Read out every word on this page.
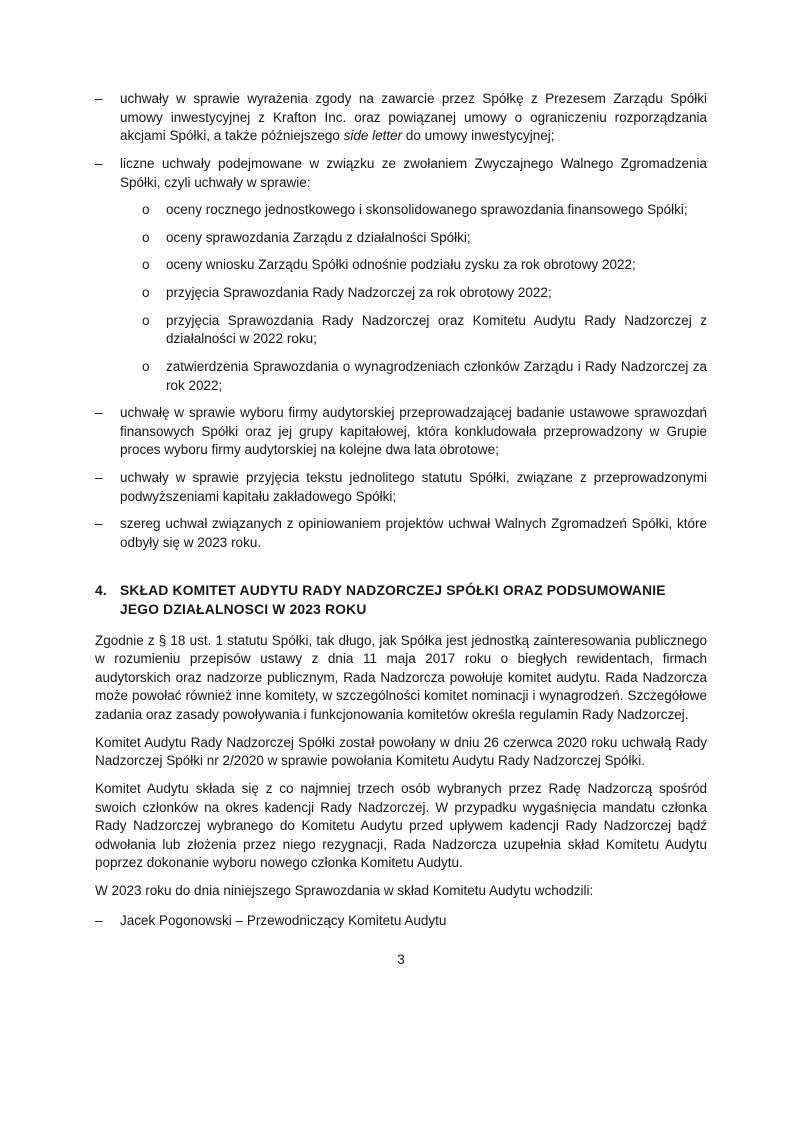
–	uchwały w sprawie wyrażenia zgody na zawarcie przez Spółkę z Prezesem Zarządu Spółki umowy inwestycyjnej z Krafton Inc. oraz powiązanej umowy o ograniczeniu rozporządzania akcjami Spółki, a także późniejszego side letter do umowy inwestycyjnej;
–	liczne uchwały podejmowane w związku ze zwołaniem Zwyczajnego Walnego Zgromadzenia Spółki, czyli uchwały w sprawie:
o	oceny rocznego jednostkowego i skonsolidowanego sprawozdania finansowego Spółki;
o	oceny sprawozdania Zarządu z działalności Spółki;
o	oceny wniosku Zarządu Spółki odnośnie podziału zysku za rok obrotowy 2022;
o	przyjęcia Sprawozdania Rady Nadzorczej za rok obrotowy 2022;
o	przyjęcia Sprawozdania Rady Nadzorczej oraz Komitetu Audytu Rady Nadzorczej z działalności w 2022 roku;
o	zatwierdzenia Sprawozdania o wynagrodzeniach członków Zarządu i Rady Nadzorczej za rok 2022;
–	uchwałę w sprawie wyboru firmy audytorskiej przeprowadzającej badanie ustawowe sprawozdań finansowych Spółki oraz jej grupy kapitałowej, która konkludowała przeprowadzony w Grupie proces wyboru firmy audytorskiej na kolejne dwa lata obrotowe;
–	uchwały w sprawie przyjęcia tekstu jednolitego statutu Spółki, związane z przeprowadzonymi podwyższeniami kapitału zakładowego Spółki;
–	szereg uchwał związanych z opiniowaniem projektów uchwał Walnych Zgromadzeń Spółki, które odbyły się w 2023 roku.
4. SKŁAD KOMITET AUDYTU RADY NADZORCZEJ SPÓŁKI ORAZ PODSUMOWANIE JEGO DZIAŁALNOSCI W 2023 ROKU

Zgodnie z § 18 ust. 1 statutu Spółki, tak długo, jak Spółka jest jednostką zainteresowania publicznego w rozumieniu przepisów ustawy z dnia 11 maja 2017 roku o biegłych rewidentach, firmach audytorskich oraz nadzorze publicznym, Rada Nadzorcza powołuje komitet audytu. Rada Nadzorcza może powołać również inne komitety, w szczególności komitet nominacji i wynagrodzeń. Szczegółowe zadania oraz zasady powoływania i funkcjonowania komitetów określa regulamin Rady Nadzorczej.

Komitet Audytu Rady Nadzorczej Spółki został powołany w dniu 26 czerwca 2020 roku uchwałą Rady Nadzorczej Spółki nr 2/2020 w sprawie powołania Komitetu Audytu Rady Nadzorczej Spółki.

Komitet Audytu składa się z co najmniej trzech osób wybranych przez Radę Nadzorczą spośród swoich członków na okres kadencji Rady Nadzorczej. W przypadku wygaśnięcia mandatu członka Rady Nadzorczej wybranego do Komitetu Audytu przed upływem kadencji Rady Nadzorczej bądź odwołania lub złożenia przez niego rezygnacji, Rada Nadzorcza uzupełnia skład Komitetu Audytu poprzez dokonanie wyboru nowego członka Komitetu Audytu.

W 2023 roku do dnia niniejszego Sprawozdania w skład Komitetu Audytu wchodzili:

–	Jacek Pogonowski – Przewodniczący Komitetu Audytu
3
